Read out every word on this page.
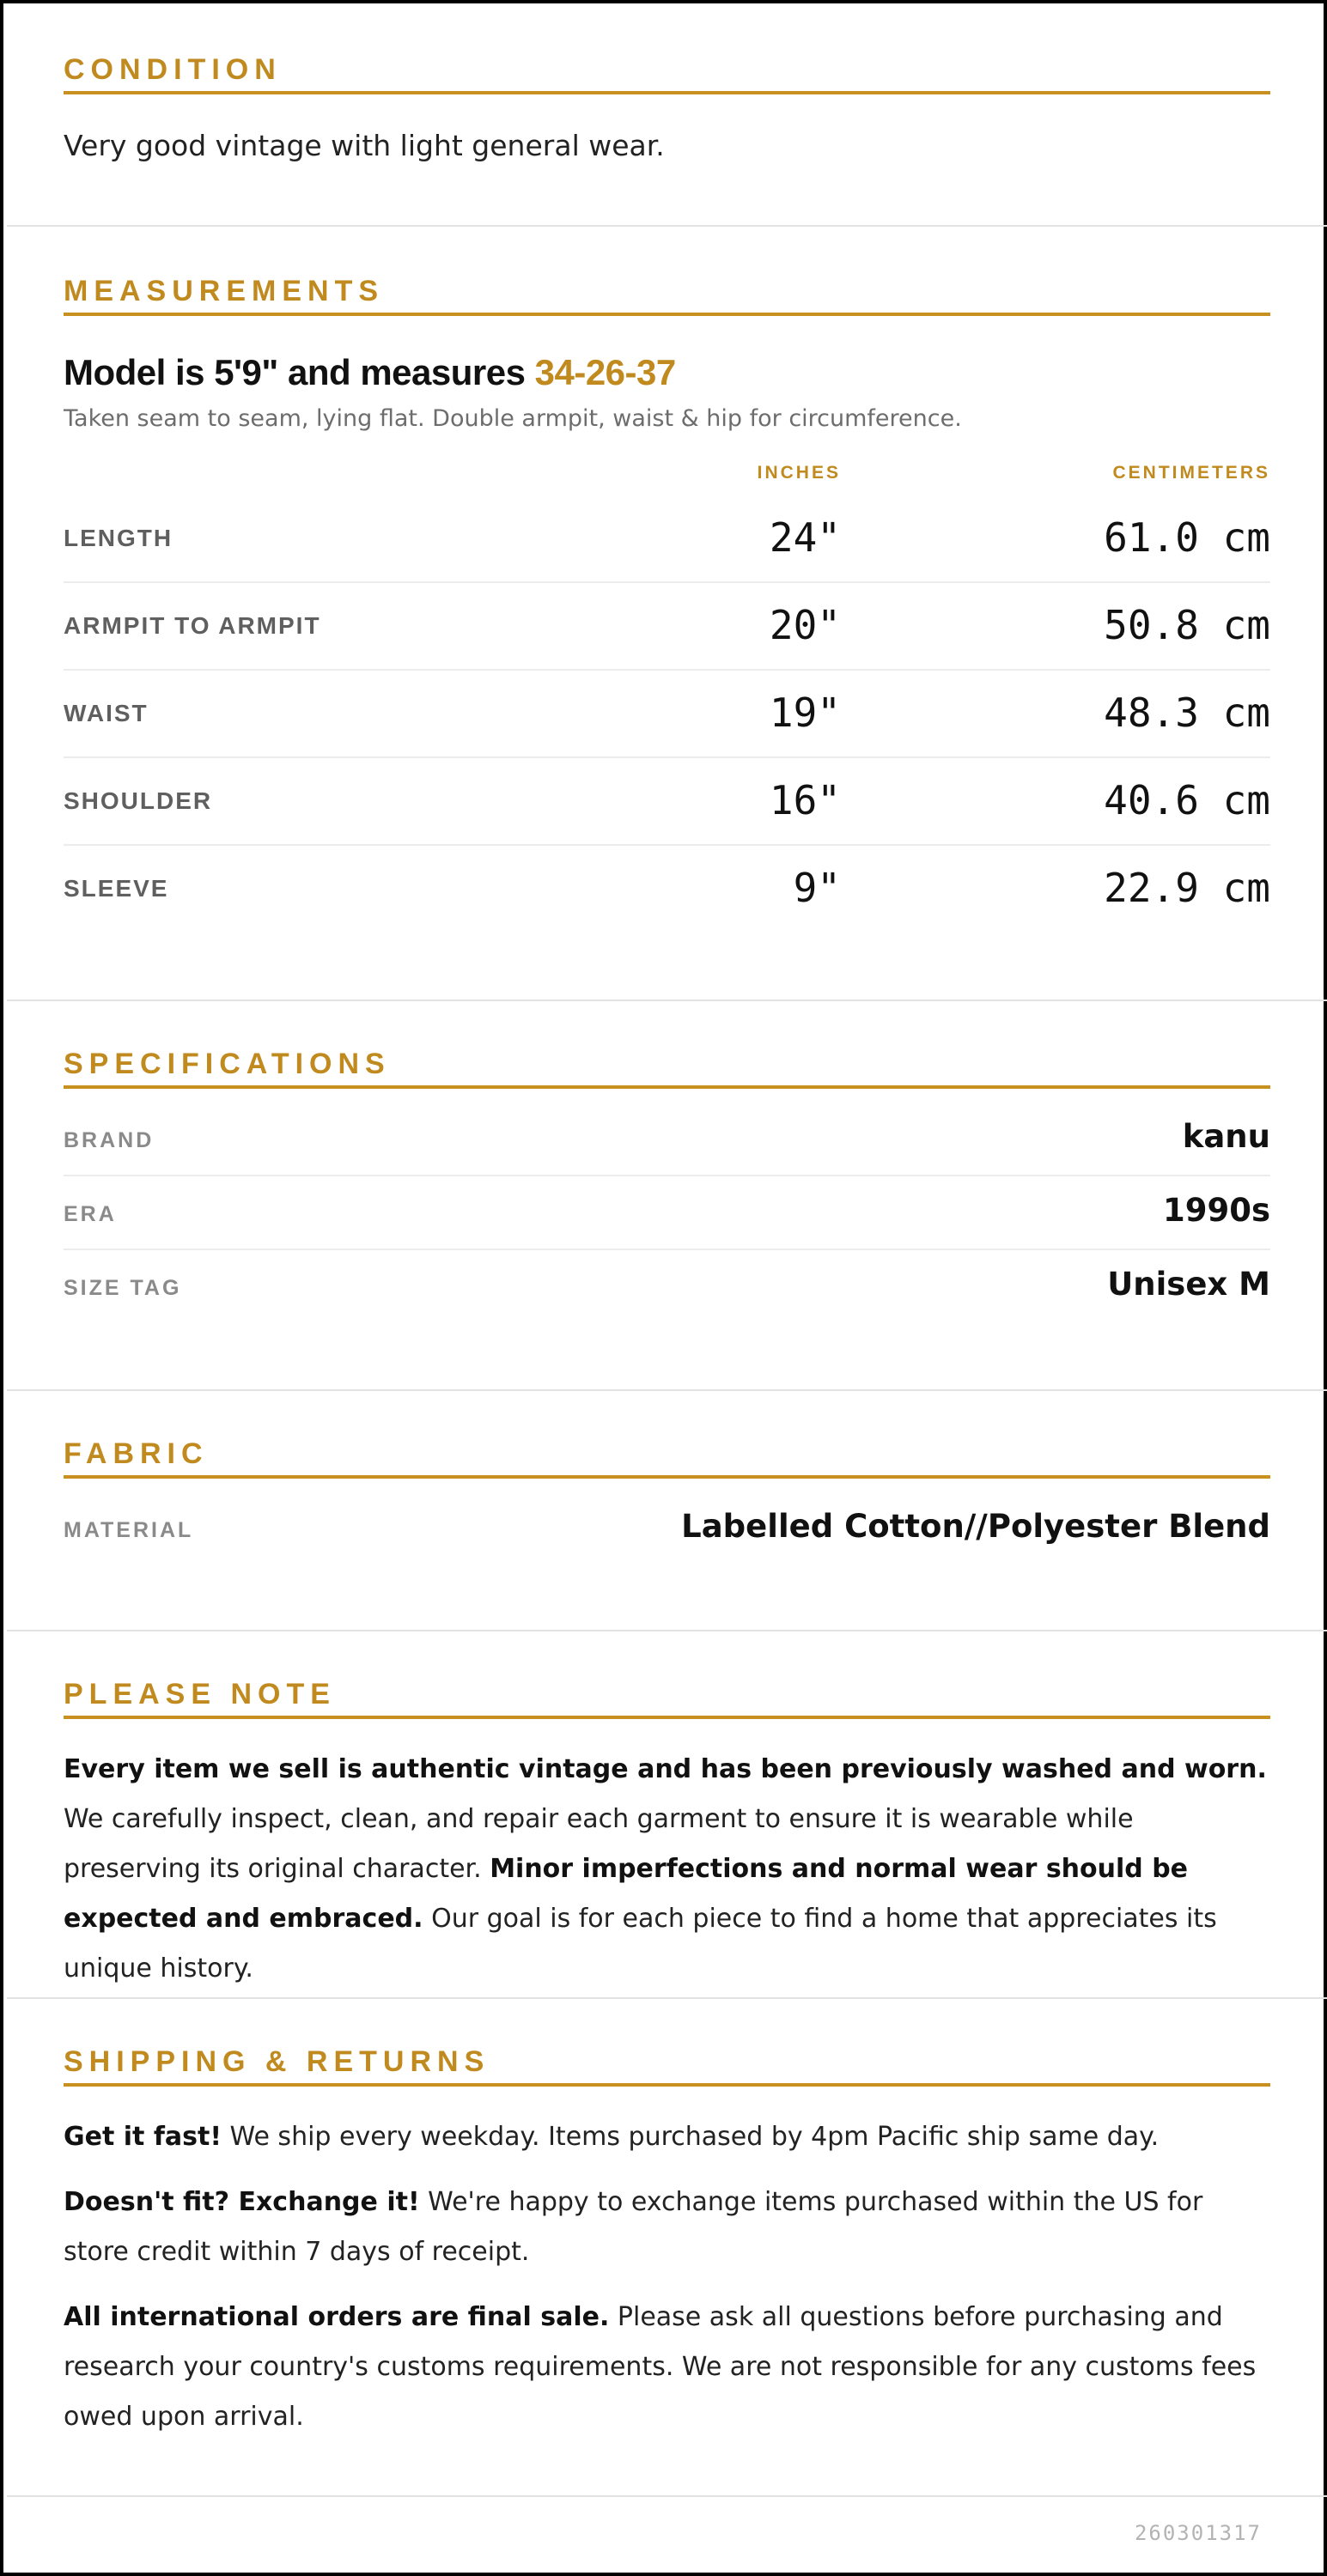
CONDITION
Very good vintage with light general wear.
MEASUREMENTS
Model is 5'9" and measures 34-26-37
Taken seam to seam, lying flat. Double armpit, waist & hip for circumference.
INCHES	CENTIMETERS
LENGTH	24"	61.0 cm
ARMPIT TO ARMPIT	20"	50.8 cm
WAIST	19"	48.3 cm
SHOULDER	16"	40.6 cm
SLEEVE	9"	22.9 cm
SPECIFICATIONS
BRAND	kanu
ERA	1990s
SIZE TAG	Unisex M
FABRIC
MATERIAL	Labelled Cotton//Polyester Blend
PLEASE NOTE
Every item we sell is authentic vintage and has been previously washed and worn. We carefully inspect, clean, and repair each garment to ensure it is wearable while preserving its original character. Minor imperfections and normal wear should be expected and embraced. Our goal is for each piece to find a home that appreciates its unique history.
SHIPPING & RETURNS
Get it fast! We ship every weekday. Items purchased by 4pm Pacific ship same day.
Doesn't fit? Exchange it! We're happy to exchange items purchased within the US for store credit within 7 days of receipt.
All international orders are final sale. Please ask all questions before purchasing and research your country's customs requirements. We are not responsible for any customs fees owed upon arrival.
260301317
